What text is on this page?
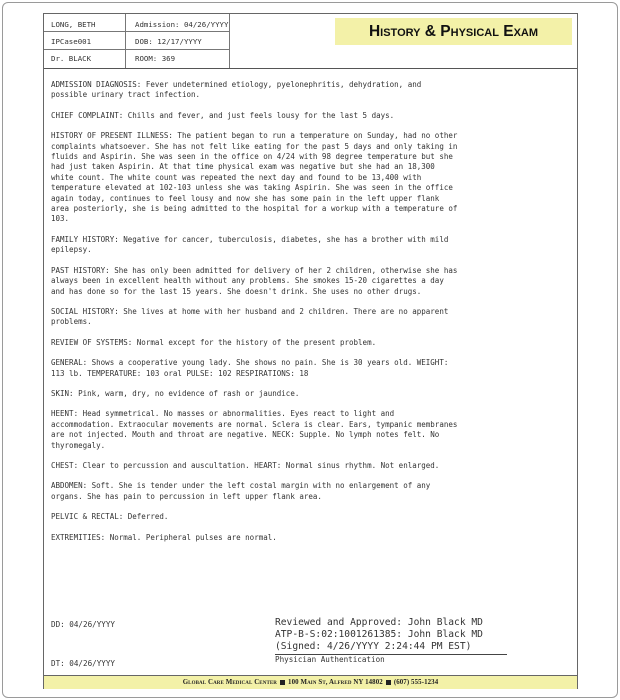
LONG, BETH
IPCase001
Dr. BLACK
Admission: 04/26/YYYY
DOB: 12/17/YYYY
ROOM: 369
History & Physical Exam

ADMISSION DIAGNOSIS: Fever undetermined etiology, pyelonephritis, dehydration, and
possible urinary tract infection.

CHIEF COMPLAINT: Chills and fever, and just feels lousy for the last 5 days.

HISTORY OF PRESENT ILLNESS: The patient began to run a temperature on Sunday, had no other
complaints whatsoever. She has not felt like eating for the past 5 days and only taking in
fluids and Aspirin. She was seen in the office on 4/24 with 98 degree temperature but she
had just taken Aspirin. At that time physical exam was negative but she had an 18,300
white count. The white count was repeated the next day and found to be 13,400 with
temperature elevated at 102-103 unless she was taking Aspirin. She was seen in the office
again today, continues to feel lousy and now she has some pain in the left upper flank
area posteriorly, she is being admitted to the hospital for a workup with a temperature of
103.

FAMILY HISTORY: Negative for cancer, tuberculosis, diabetes, she has a brother with mild
epilepsy.

PAST HISTORY: She has only been admitted for delivery of her 2 children, otherwise she has
always been in excellent health without any problems. She smokes 15-20 cigarettes a day
and has done so for the last 15 years. She doesn't drink. She uses no other drugs.

SOCIAL HISTORY: She lives at home with her husband and 2 children. There are no apparent
problems.

REVIEW OF SYSTEMS: Normal except for the history of the present problem.

GENERAL: Shows a cooperative young lady. She shows no pain. She is 30 years old. WEIGHT:
113 lb. TEMPERATURE: 103 oral PULSE: 102 RESPIRATIONS: 18

SKIN: Pink, warm, dry, no evidence of rash or jaundice.

HEENT: Head symmetrical. No masses or abnormalities. Eyes react to light and
accommodation. Extraocular movements are normal. Sclera is clear. Ears, tympanic membranes
are not injected. Mouth and throat are negative. NECK: Supple. No lymph notes felt. No
thyromegaly.

CHEST: Clear to percussion and auscultation. HEART: Normal sinus rhythm. Not enlarged.

ABDOMEN: Soft. She is tender under the left costal margin with no enlargement of any
organs. She has pain to percussion in left upper flank area.

PELVIC & RECTAL: Deferred.

EXTREMITIES: Normal. Peripheral pulses are normal.

DD: 04/26/YYYY
DT: 04/26/YYYY
Reviewed and Approved: John Black MD
ATP-B-S:02:1001261385: John Black MD
(Signed: 4/26/YYYY 2:24:44 PM EST)
Physician Authentication
Global Care Medical Center 100 Main St, Alfred NY 14802 (607) 555-1234
